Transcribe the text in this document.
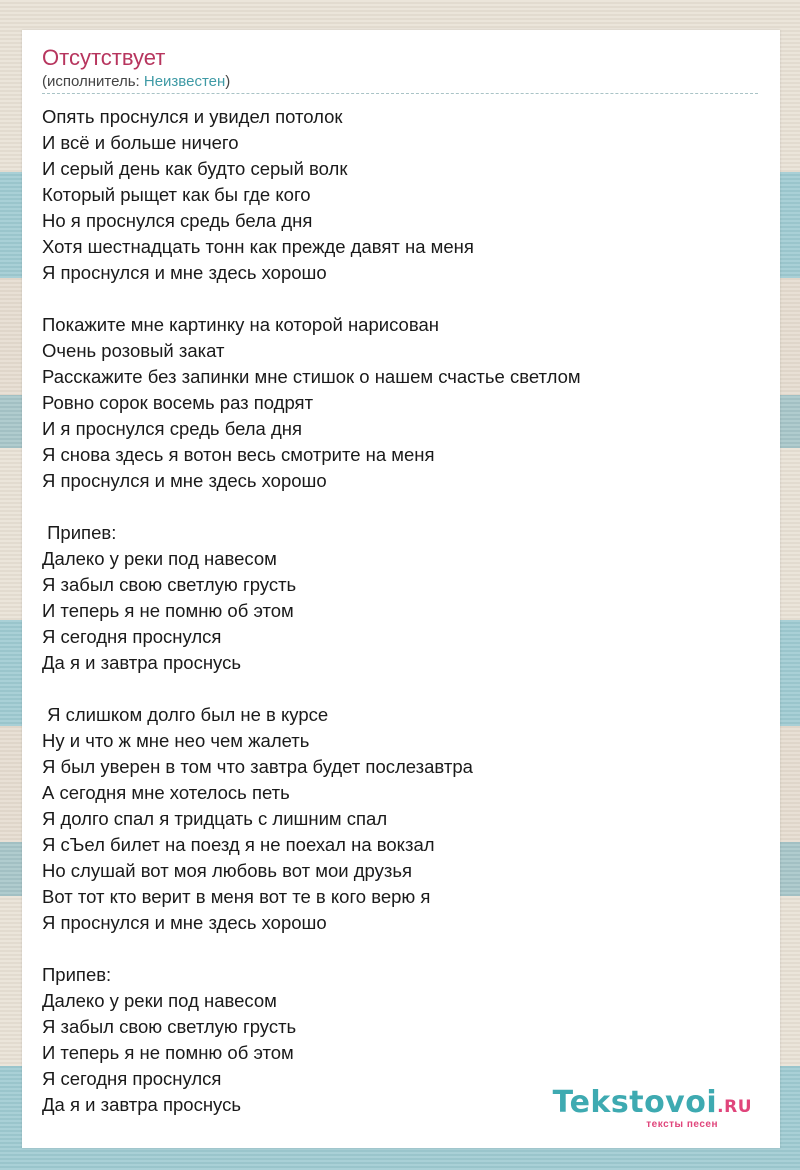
Отсутствует
(исполнитель: Неизвестен)
Опять проснулся и увидел потолок
И всё и больше ничего
И серый день как будто серый волк
Который рыщет как бы где кого
Но я проснулся средь бела дня
Хотя шестнадцать тонн как прежде давят на меня
Я проснулся и мне здесь хорошо
Покажите мне картинку на которой нарисован
Очень розовый закат
Расскажите без запинки мне стишок о нашем счастье светлом
Ровно сорок восемь раз подрят
И я проснулся средь бела дня
Я снова здесь я вотон весь смотрите на меня
Я проснулся и мне здесь хорошо
Припев:
Далеко у реки под навесом
Я забыл свою светлую грусть
И теперь я не помню об этом
Я сегодня проснулся
Да я и завтра проснусь
Я слишком долго был не в курсе
Ну и что ж мне нео чем жалеть
Я был уверен в том что завтра будет послезавтра
А сегодня мне хотелось петь
Я долго спал я тридцать с лишним спал
Я сЪел билет на поезд я не поехал на вокзал
Но слушай вот моя любовь вот мои друзья
Вот тот кто верит в меня вот те в кого верю я
Я проснулся и мне здесь хорошо
Припев:
Далеко у реки под навесом
Я забыл свою светлую грусть
И теперь я не помню об этом
Я сегодня проснулся
Да я и завтра проснусь	Tekstovoi.RU
тексты песен
